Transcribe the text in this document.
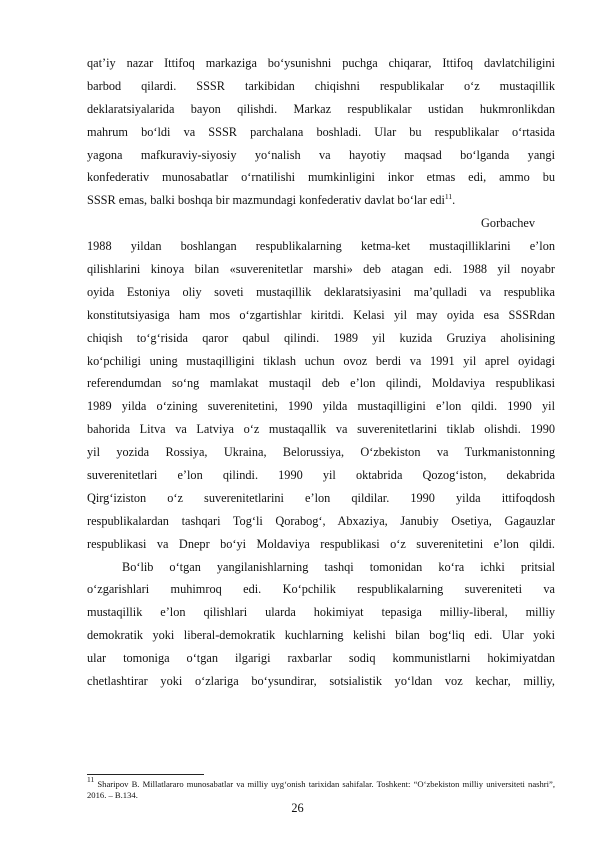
qat’iy nazar Ittifoq markaziga bo‘ysunishni puchga chiqarar, Ittifoq davlatchiligini
barbod qilardi. SSSR tarkibidan chiqishni respublikalar o‘z mustaqillik
deklaratsiyalarida bayon qilishdi. Markaz respublikalar ustidan hukmronlikdan
mahrum bo‘ldi va SSSR parchalana boshladi. Ular bu respublikalar o‘rtasida
yagona mafkuraviy-siyosiy yo‘nalish va hayotiy maqsad bo‘lganda yangi
konfederativ munosabatlar o‘rnatilishi mumkinligini inkor etmas edi, ammo bu
SSSR emas, balki boshqa bir mazmundagi konfederativ davlat bo‘lar edi$^{11}$.
Gorbachev
1988 yildan boshlangan respublikalarning ketma-ket mustaqilliklarini e’lon
qilishlarini kinoya bilan «suverenitetlar marshi» deb atagan edi. 1988 yil noyabr
oyida Estoniya oliy soveti mustaqillik deklaratsiyasini ma’qulladi va respublika
konstitutsiyasiga ham mos o‘zgartishlar kiritdi. Kelasi yil may oyida esa SSSRdan
chiqish to‘g‘risida qaror qabul qilindi. 1989 yil kuzida Gruziya aholisining
ko‘pchiligi uning mustaqilligini tiklash uchun ovoz berdi va 1991 yil aprel oyidagi
referendumdan so‘ng mamlakat mustaqil deb e’lon qilindi, Moldaviya respublikasi
1989 yilda o‘zining suverenitetini, 1990 yilda mustaqilligini e’lon qildi. 1990 yil
bahorida Litva va Latviya o‘z mustaqallik va suverenitetlarini tiklab olishdi. 1990
yil yozida Rossiya, Ukraina, Belorussiya, O‘zbekiston va Turkmanistonning
suverenitetlari e’lon qilindi. 1990 yil oktabrida Qozog‘iston, dekabrida
Qirg‘iziston o‘z suverenitetlarini e’lon qildilar. 1990 yilda ittifoqdosh
respublikalardan tashqari Tog‘li Qorabog‘, Abxaziya, Janubiy Osetiya, Gagauzlar
respublikasi va Dnepr bo‘yi Moldaviya respublikasi o‘z suverenitetini e’lon qildi.
Bo‘lib o‘tgan yangilanishlarning tashqi tomonidan ko‘ra ichki pritsial
o‘zgarishlari muhimroq edi. Ko‘pchilik respublikalarning suvereniteti va
mustaqillik e’lon qilishlari ularda hokimiyat tepasiga milliy-liberal, milliy
demokratik yoki liberal-demokratik kuchlarning kelishi bilan bog‘liq edi. Ular yoki
ular tomoniga o‘tgan ilgarigi raxbarlar sodiq kommunistlarni hokimiyatdan
chetlashtirar yoki o‘zlariga bo‘ysundirar, sotsialistik yo‘ldan voz kechar, milliy,
$^{11}$ Sharipov B. Millatlararo munosabatlar va milliy uyg‘onish tarixidan sahifalar. Toshkent: “O‘zbekiston milliy universiteti nashri”, 2016. – B.134.
26
